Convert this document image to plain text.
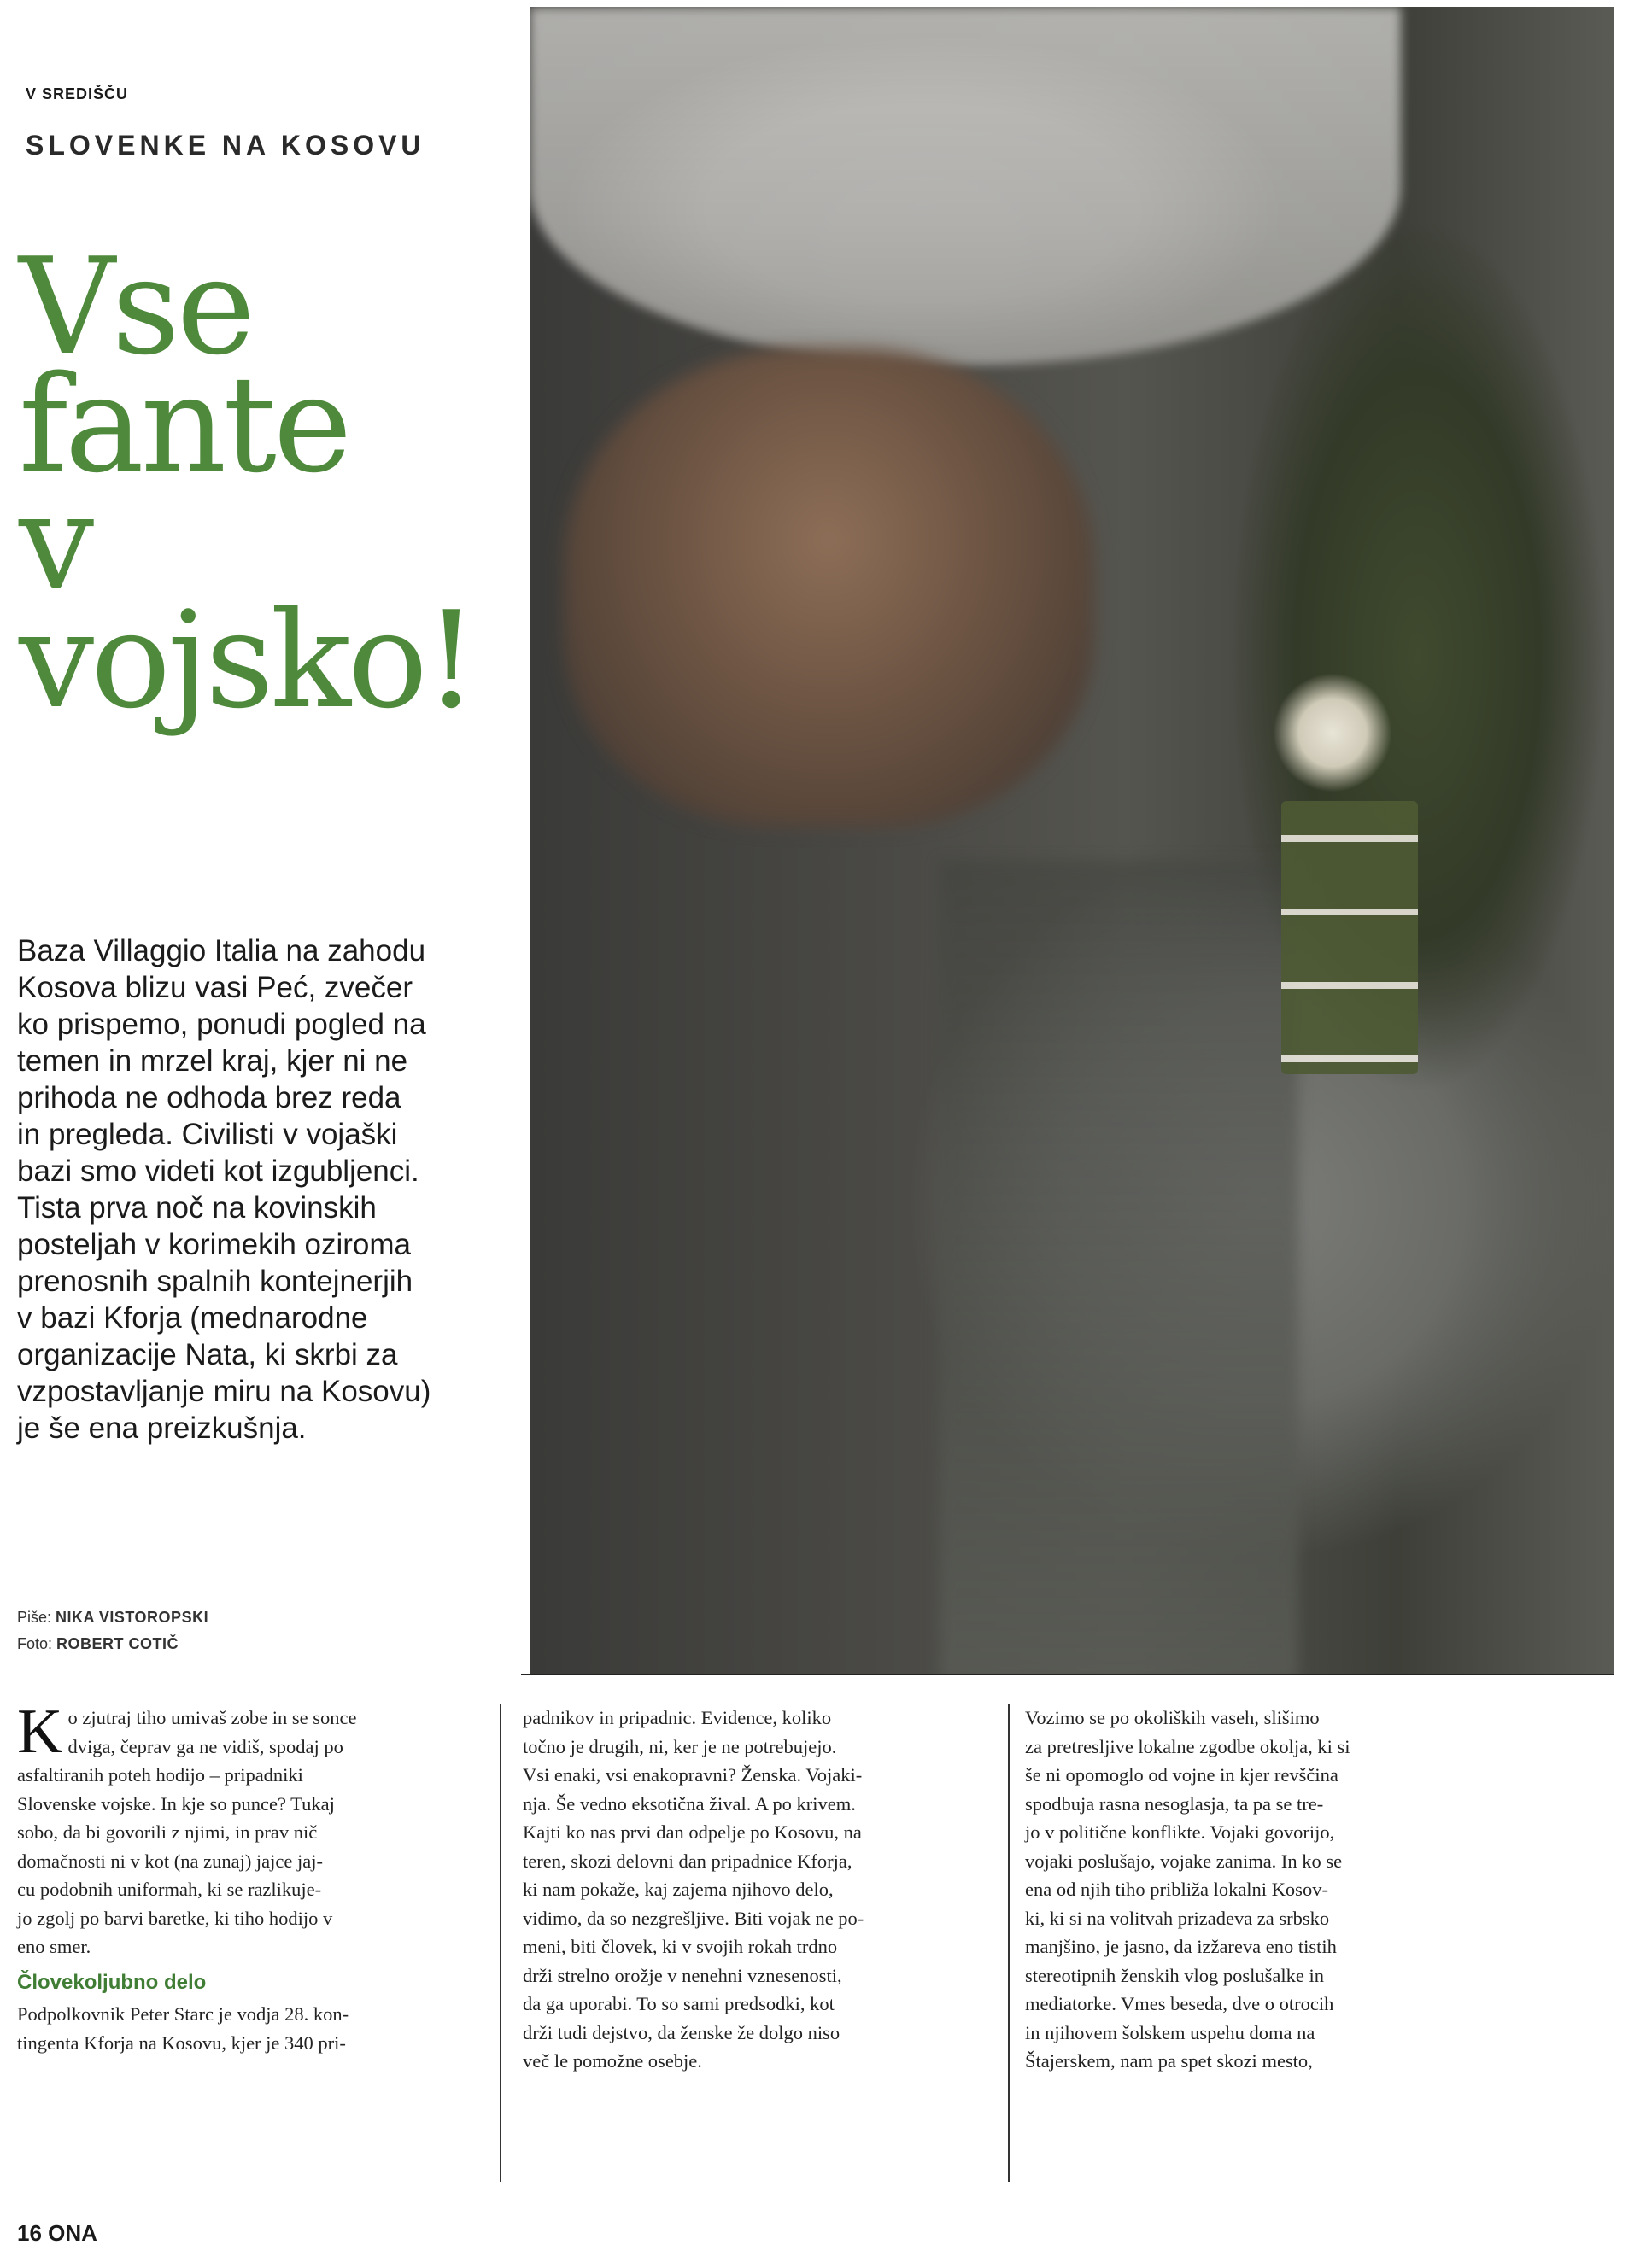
V SREDIŠČU
SLOVENKE NA KOSOVU
Vse
fante
v
vojsko!
Baza Villaggio Italia na zahodu
Kosova blizu vasi Peć, zvečer
ko prispemo, ponudi pogled na
temen in mrzel kraj, kjer ni ne
prihoda ne odhoda brez reda
in pregleda. Civilisti v vojaški
bazi smo videti kot izgubljenci.
Tista prva noč na kovinskih
posteljah v korimekih oziroma
prenosnih spalnih kontejnerjih
v bazi Kforja (mednarodne
organizacije Nata, ki skrbi za
vzpostavljanje miru na Kosovu)
je še ena preizkušnja.
Piše: NIKA VISTOROPSKI
Foto: ROBERT COTIČ
K o zjutraj tiho umivaš zobe in se sonce
dviga, čeprav ga ne vidiš, spodaj po
asfaltiranih poteh hodijo – pripadniki
Slovenske vojske. In kje so punce? Tukaj
sobo, da bi govorili z njimi, in prav nič
domačnosti ni v kot (na zunaj) jajce jaj-
cu podobnih uniformah, ki se razlikuje-
jo zgolj po barvi baretke, ki tiho hodijo v
eno smer.
Človekoljubno delo
Podpolkovnik Peter Starc je vodja 28. kon-
tingenta Kforja na Kosovu, kjer je 340 pri-
padnikov in pripadnic. Evidence, koliko
točno je drugih, ni, ker je ne potrebujejo.
Vsi enaki, vsi enakopravni? Ženska. Vojaki-
nja. Še vedno eksotična žival. A po krivem.
Kajti ko nas prvi dan odpelje po Kosovu, na
teren, skozi delovni dan pripadnice Kforja,
ki nam pokaže, kaj zajema njihovo delo,
vidimo, da so nezgrešljive. Biti vojak ne po-
meni, biti človek, ki v svojih rokah trdno
drži strelno orožje v nenehni vznesenosti,
da ga uporabi. To so sami predsodki, kot
drži tudi dejstvo, da ženske že dolgo niso
več le pomožne osebje.
Vozimo se po okoliških vaseh, slišimo
za pretresljive lokalne zgodbe okolja, ki si
še ni opomoglo od vojne in kjer revščina
spodbuja rasna nesoglasja, ta pa se tre-
jo v politične konflikte. Vojaki govorijo,
vojaki poslušajo, vojake zanima. In ko se
ena od njih tiho približa lokalni Kosov-
ki, ki si na volitvah prizadeva za srbsko
manjšino, je jasno, da izžareva eno tistih
stereotipnih ženskih vlog poslušalke in
mediatorke. Vmes beseda, dve o otrocih
in njihovem šolskem uspehu doma na
Štajerskem, nam pa spet skozi mesto,
16 ONA
